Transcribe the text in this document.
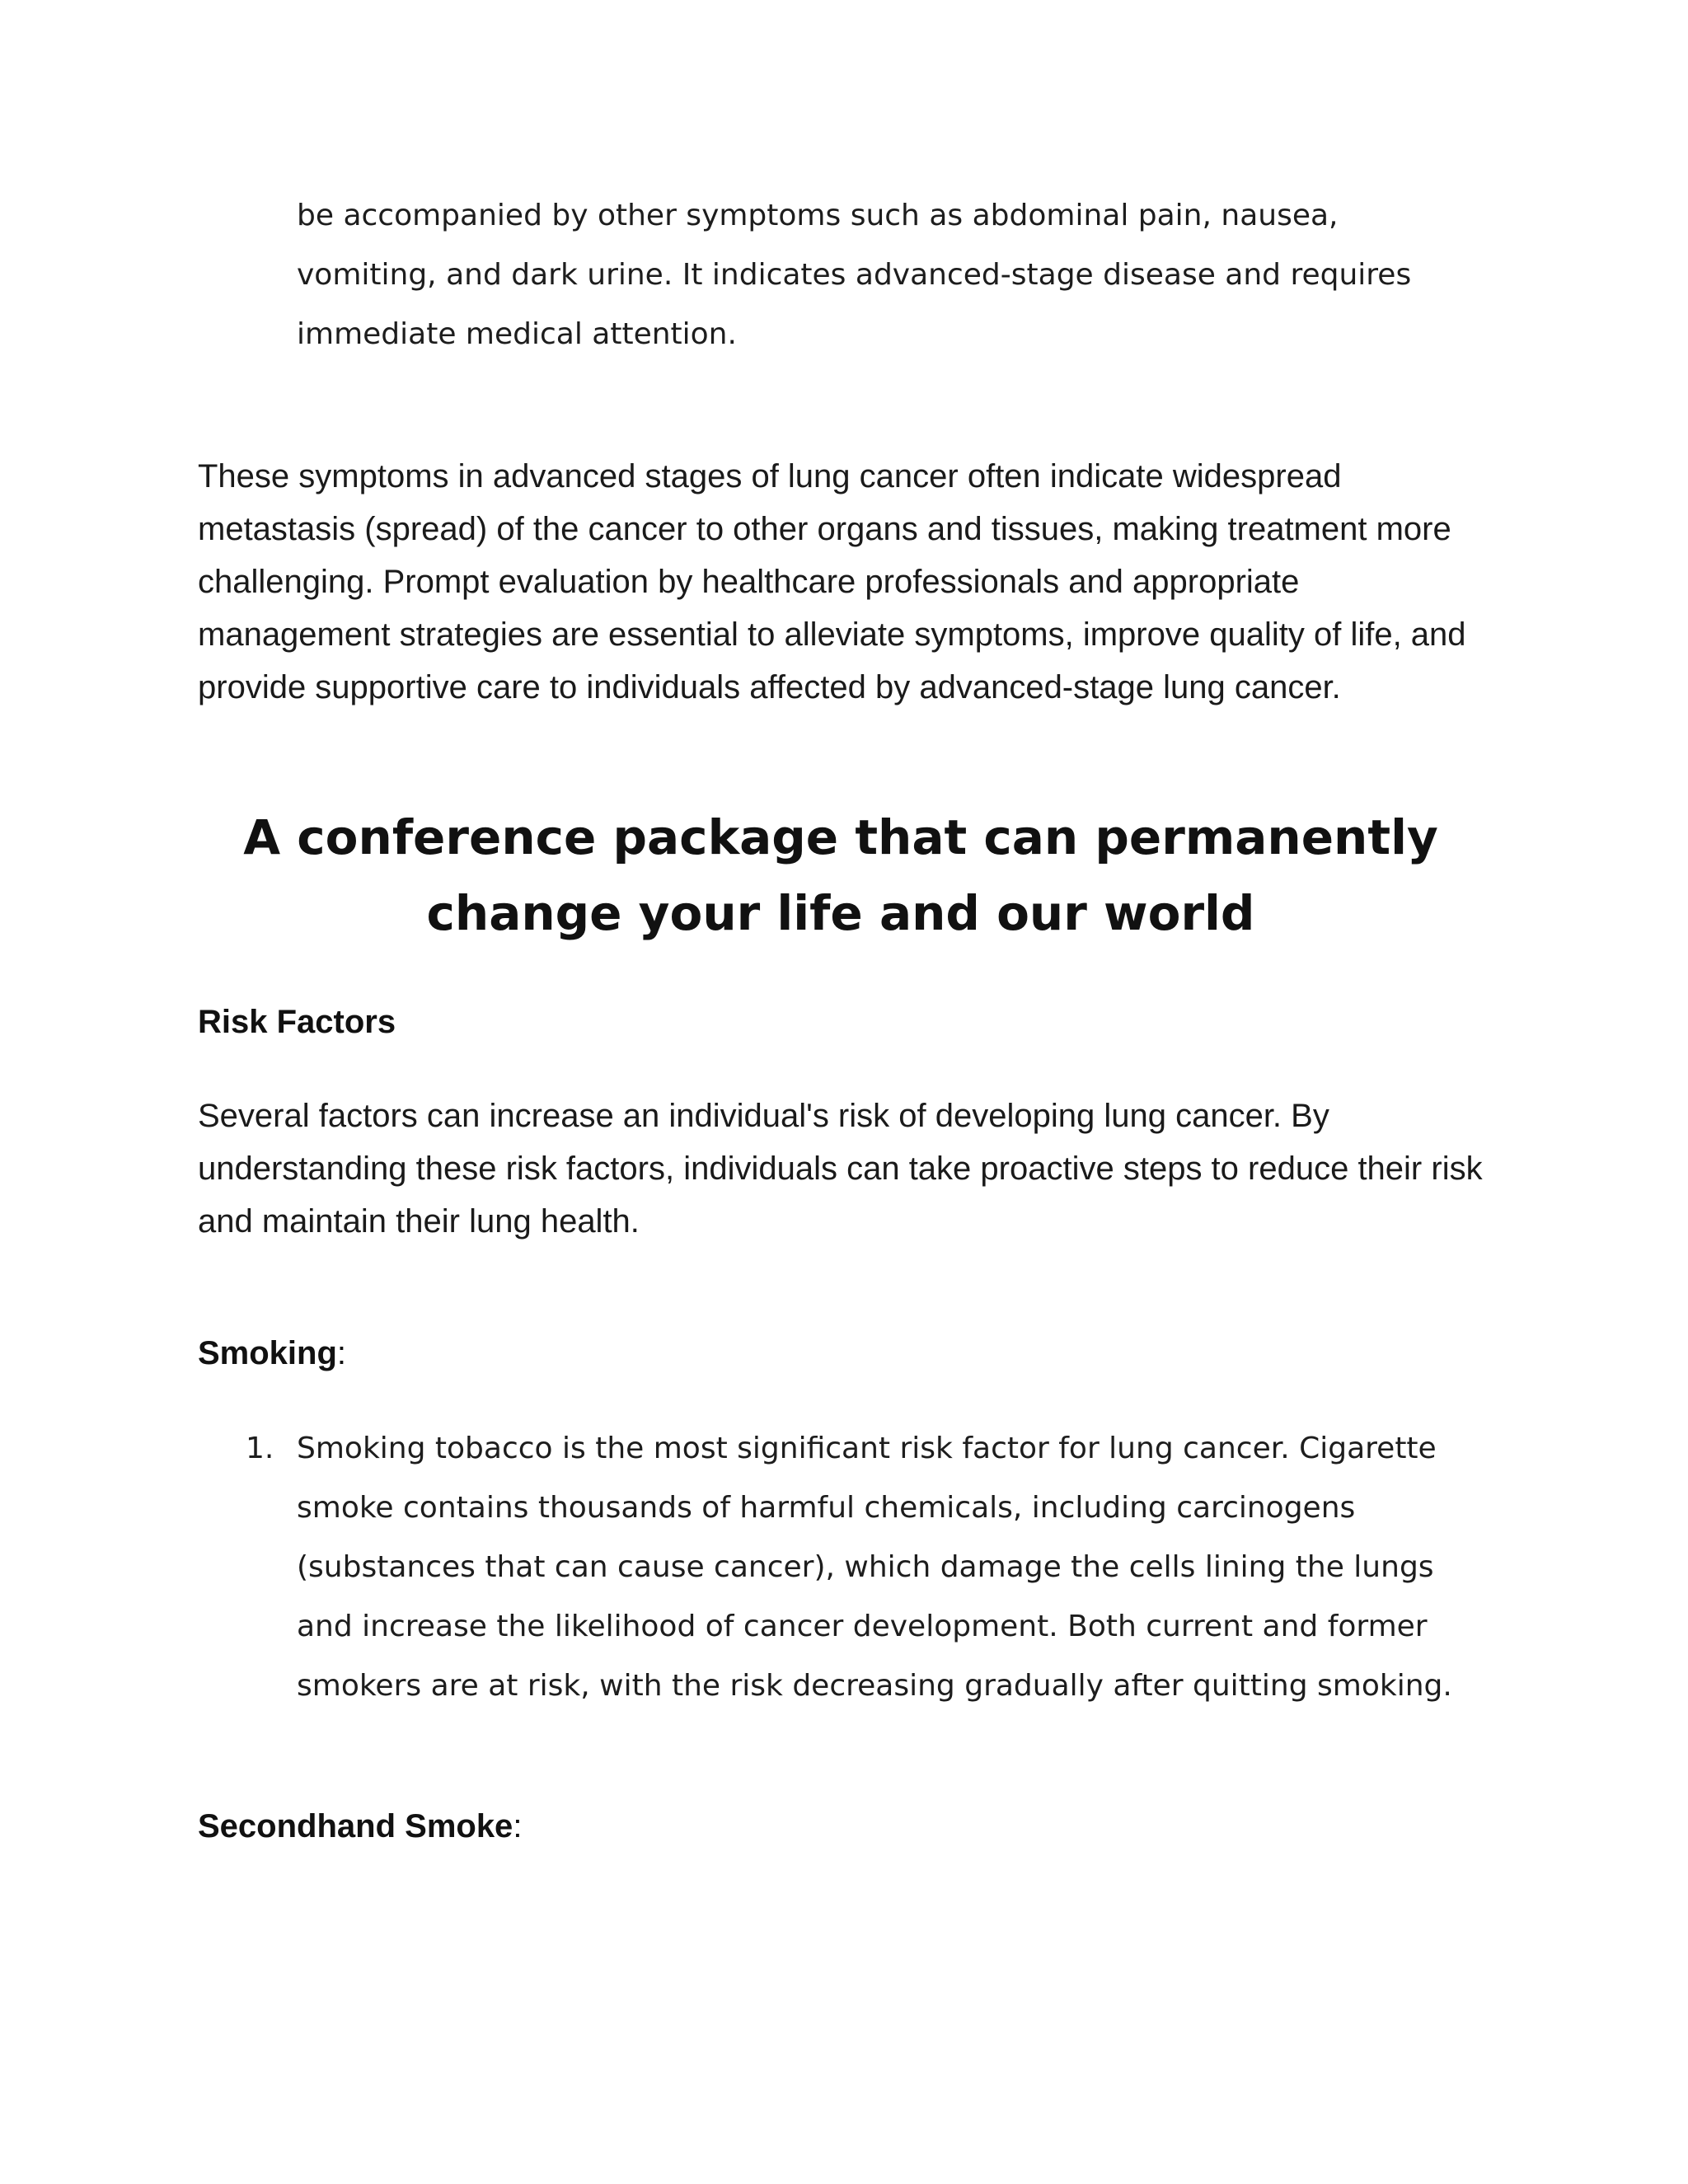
be accompanied by other symptoms such as abdominal pain, nausea, vomiting, and dark urine. It indicates advanced-stage disease and requires immediate medical attention.

These symptoms in advanced stages of lung cancer often indicate widespread metastasis (spread) of the cancer to other organs and tissues, making treatment more challenging. Prompt evaluation by healthcare professionals and appropriate management strategies are essential to alleviate symptoms, improve quality of life, and provide supportive care to individuals affected by advanced-stage lung cancer.

A conference package that can permanently change your life and our world
Risk Factors

Several factors can increase an individual's risk of developing lung cancer. By understanding these risk factors, individuals can take proactive steps to reduce their risk and maintain their lung health.

Smoking:
1. Smoking tobacco is the most significant risk factor for lung cancer. Cigarette smoke contains thousands of harmful chemicals, including carcinogens (substances that can cause cancer), which damage the cells lining the lungs and increase the likelihood of cancer development. Both current and former smokers are at risk, with the risk decreasing gradually after quitting smoking.
Secondhand Smoke:
